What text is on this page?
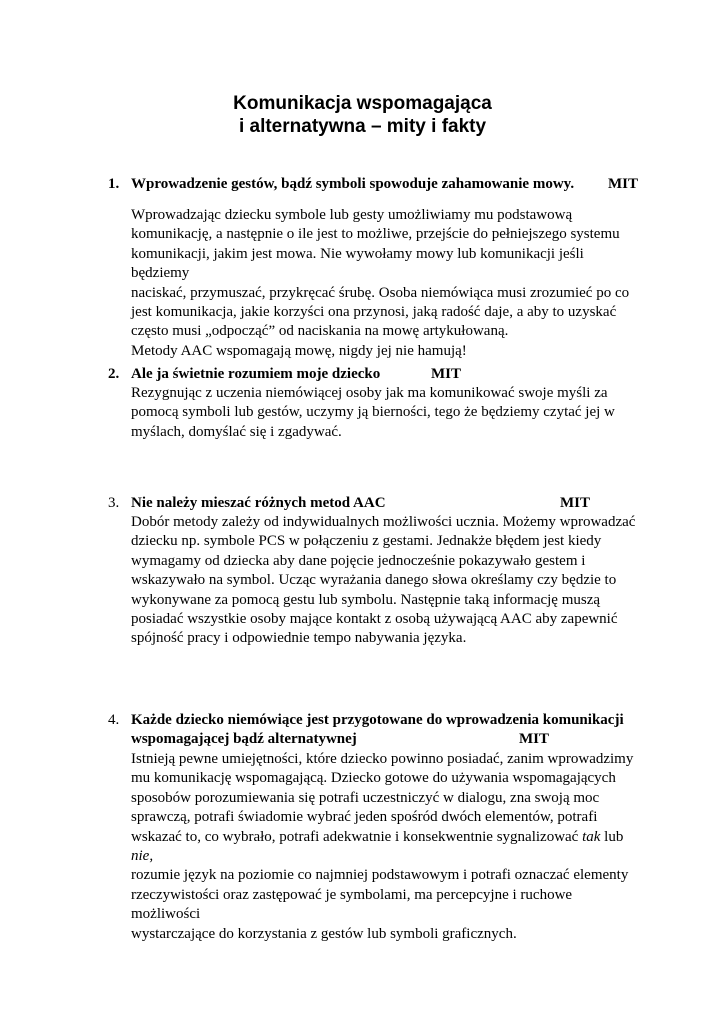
Komunikacja wspomagająca
i alternatywna – mity i fakty
1. Wprowadzenie gestów, bądź symboli spowoduje zahamowanie mowy.	MIT

Wprowadzając dziecku symbole lub gesty umożliwiamy mu podstawową

komunikację, a następnie o ile jest to możliwe, przejście do pełniejszego systemu

komunikacji, jakim jest mowa. Nie wywołamy mowy lub komunikacji jeśli będziemy

naciskać, przymuszać, przykręcać śrubę. Osoba niemówiąca musi zrozumieć po co

jest komunikacja, jakie korzyści ona przynosi, jaką radość daje, a aby to uzyskać

często musi „odpocząć” od naciskania na mowę artykułowaną.

Metody AAC wspomagają mowę, nigdy jej nie hamują!

2. Ale ja świetnie rozumiem moje dziecko	MIT

Rezygnując z uczenia niemówiącej osoby jak ma komunikować swoje myśli za

pomocą symboli lub gestów, uczymy ją bierności, tego że będziemy czytać jej w

myślach, domyślać się i zgadywać.

3. Nie należy mieszać różnych metod AAC	MIT

Dobór metody zależy od indywidualnych możliwości ucznia. Możemy wprowadzać

dziecku np. symbole PCS w połączeniu z gestami. Jednakże błędem jest kiedy

wymagamy od dziecka aby dane pojęcie jednocześnie pokazywało gestem i

wskazywało na symbol. Ucząc wyrażania danego słowa określamy czy będzie to

wykonywane za pomocą gestu lub symbolu. Następnie taką informację muszą

posiadać wszystkie osoby mające kontakt z osobą używającą AAC aby zapewnić

spójność pracy i odpowiednie tempo nabywania języka.

4. Każde dziecko niemówiące jest przygotowane do wprowadzenia komunikacji
wspomagającej bądź alternatywnej	MIT

Istnieją pewne umiejętności, które dziecko powinno posiadać, zanim wprowadzimy

mu komunikację wspomagającą. Dziecko gotowe do używania wspomagających

sposobów porozumiewania się potrafi uczestniczyć w dialogu, zna swoją moc

sprawczą, potrafi świadomie wybrać jeden spośród dwóch elementów, potrafi

wskazać to, co wybrało, potrafi adekwatnie i konsekwentnie sygnalizować tak lub nie,

rozumie język na poziomie co najmniej podstawowym i potrafi oznaczać elementy

rzeczywistości oraz zastępować je symbolami, ma percepcyjne i ruchowe możliwości

wystarczające do korzystania z gestów lub symboli graficznych.
